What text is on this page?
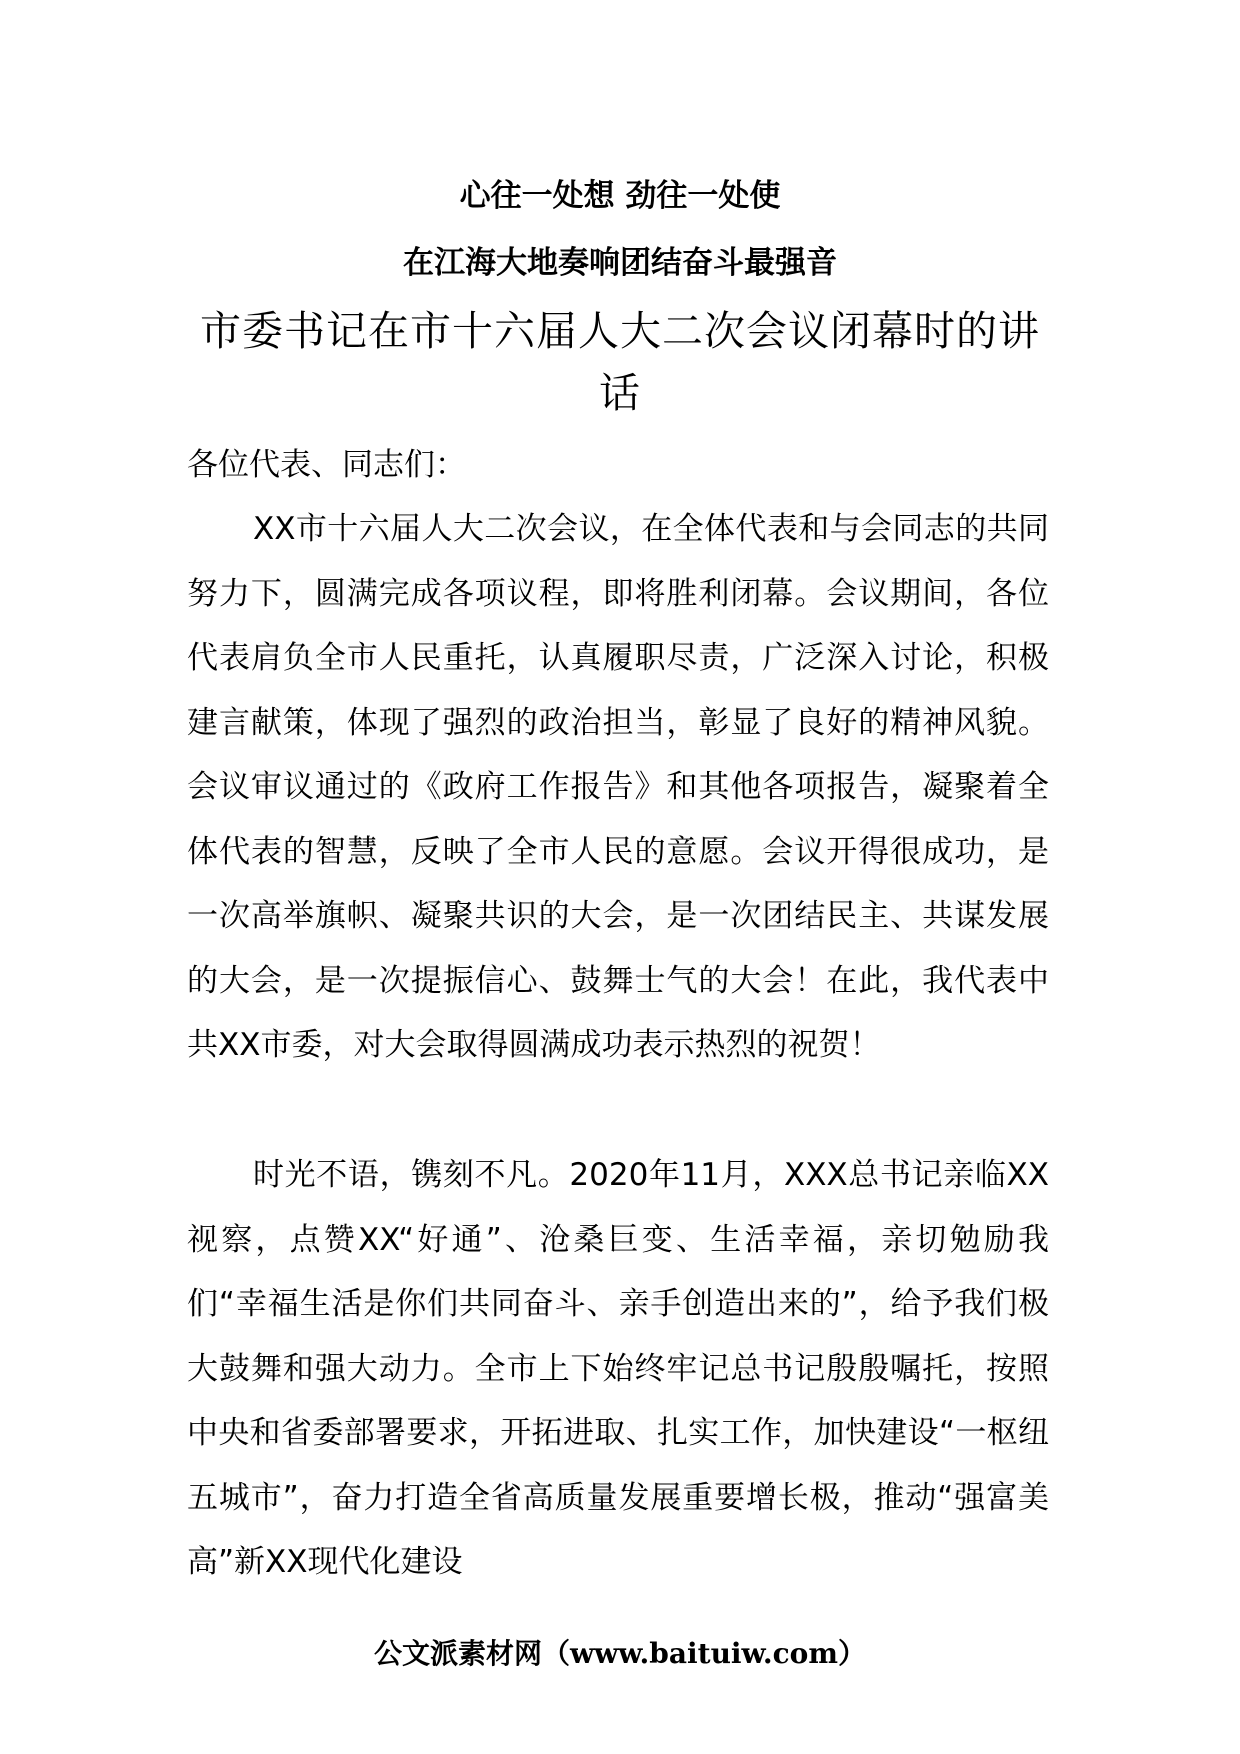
心往一处想 劲往一处使
在江海大地奏响团结奋斗最强音
市委书记在市十六届人大二次会议闭幕时的讲话
各位代表、同志们：
XX市十六届人大二次会议，在全体代表和与会同志的共同努力下，圆满完成各项议程，即将胜利闭幕。会议期间，各位代表肩负全市人民重托，认真履职尽责，广泛深入讨论，积极建言献策，体现了强烈的政治担当，彰显了良好的精神风貌。会议审议通过的《政府工作报告》和其他各项报告，凝聚着全体代表的智慧，反映了全市人民的意愿。会议开得很成功，是一次高举旗帜、凝聚共识的大会，是一次团结民主、共谋发展的大会，是一次提振信心、鼓舞士气的大会！在此，我代表中共XX市委，对大会取得圆满成功表示热烈的祝贺！
时光不语，镌刻不凡。2020年11月，XXX总书记亲临XX视察，点赞XX“好通”、沧桑巨变、生活幸福，亲切勉励我们“幸福生活是你们共同奋斗、亲手创造出来的”，给予我们极大鼓舞和强大动力。全市上下始终牢记总书记殷殷嘱托，按照中央和省委部署要求，开拓进取、扎实工作，加快建设“一枢纽五城市”，奋力打造全省高质量发展重要增长极，推动“强富美高”新XX现代化建设
公文派素材网（www.baituiw.com）
